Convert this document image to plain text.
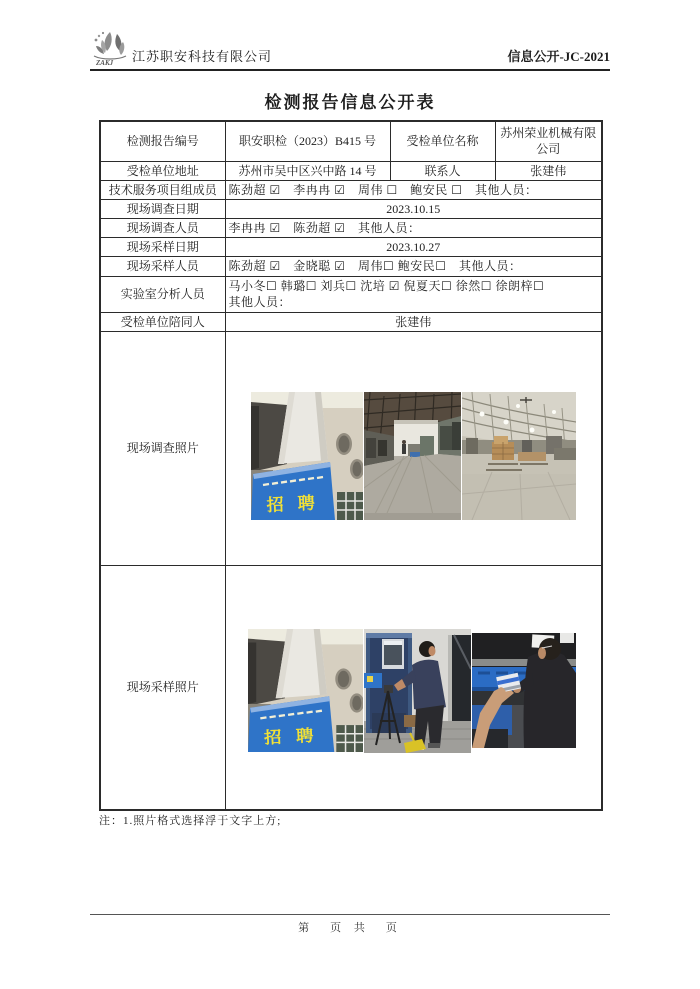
ZAKJ 江苏职安科技有限公司	信息公开-JC-2021
检测报告信息公开表
检测报告编号	职安职检（2023）B415 号	受检单位名称	苏州荣业机械有限公司
受检单位地址	苏州市吴中区兴中路 14 号	联系人	张建伟
技术服务项目组成员	陈劲超 ☑　李冉冉 ☑　周伟 ☐　鲍安民 ☐　其他人员：		
现场调查日期	2023.10.15		
现场调查人员	李冉冉 ☑　陈劲超 ☑　其他人员：		
现场采样日期	2023.10.27		
现场采样人员	陈劲超 ☑　金晓聪 ☑　周伟☐ 鲍安民☐　其他人员：		
实验室分析人员	马小冬☐ 韩璐☐ 刘兵☐ 沈培 ☑ 倪夏天☐ 徐然☐ 徐朗梓☐
其他人员：		

受检单位陪同人	张建伟		
现场调查照片	招聘		

现场采样照片	招聘		
注：1.照片格式选择浮于文字上方;
第　页 共　页
